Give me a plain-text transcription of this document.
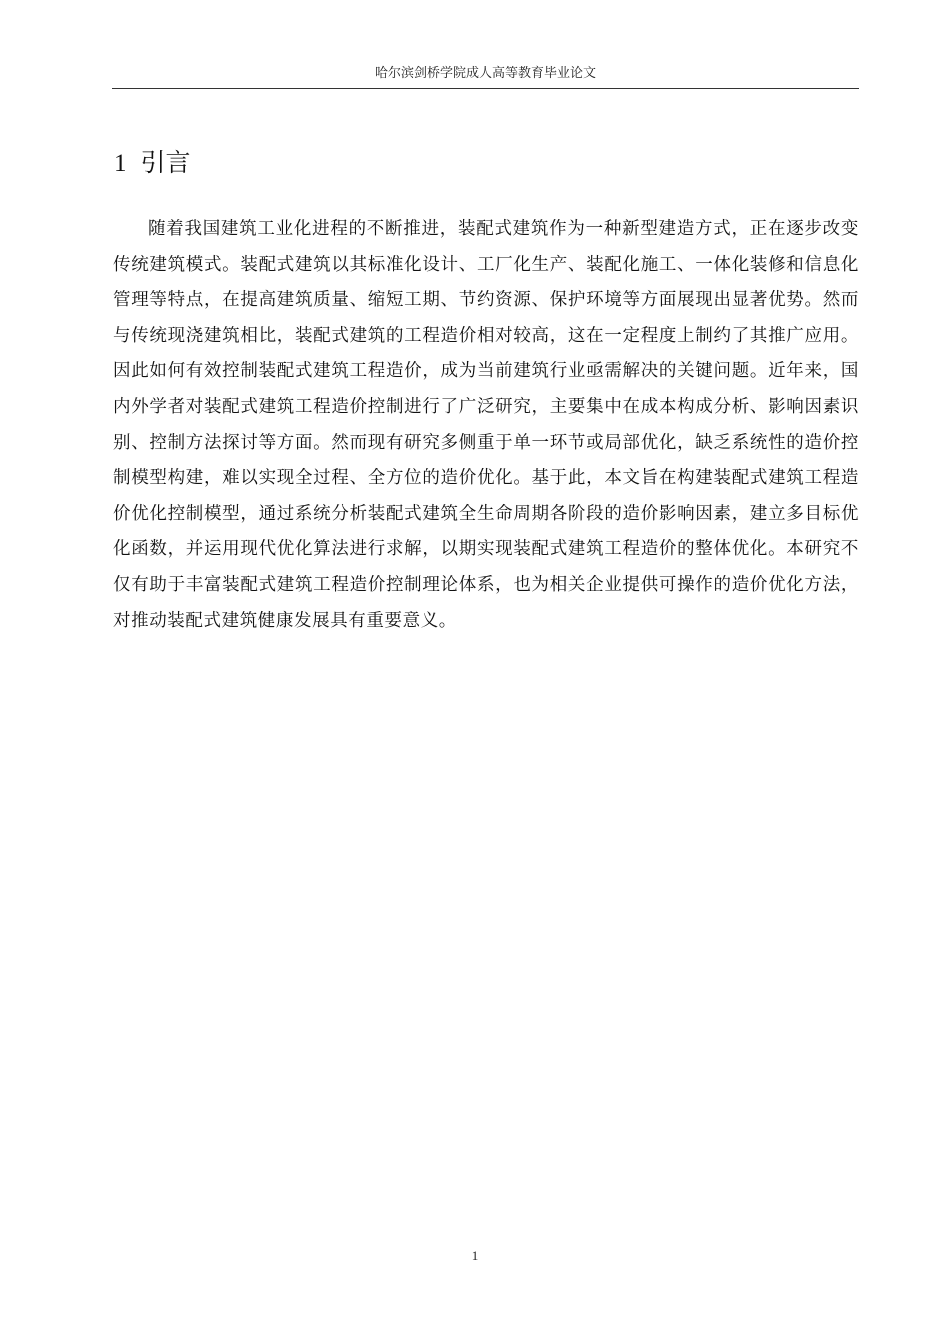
哈尔滨剑桥学院成人高等教育毕业论文
1 引言

随着我国建筑工业化进程的不断推进，装配式建筑作为一种新型建造方式，正在逐步改变传统建筑模式。装配式建筑以其标准化设计、工厂化生产、装配化施工、一体化装修和信息化管理等特点，在提高建筑质量、缩短工期、节约资源、保护环境等方面展现出显著优势。然而与传统现浇建筑相比，装配式建筑的工程造价相对较高，这在一定程度上制约了其推广应用。因此如何有效控制装配式建筑工程造价，成为当前建筑行业亟需解决的关键问题。近年来，国内外学者对装配式建筑工程造价控制进行了广泛研究，主要集中在成本构成分析、影响因素识别、控制方法探讨等方面。然而现有研究多侧重于单一环节或局部优化，缺乏系统性的造价控制模型构建，难以实现全过程、全方位的造价优化。基于此，本文旨在构建装配式建筑工程造价优化控制模型，通过系统分析装配式建筑全生命周期各阶段的造价影响因素，建立多目标优化函数，并运用现代优化算法进行求解，以期实现装配式建筑工程造价的整体优化。本研究不仅有助于丰富装配式建筑工程造价控制理论体系，也为相关企业提供可操作的造价优化方法，对推动装配式建筑健康发展具有重要意义。

1
